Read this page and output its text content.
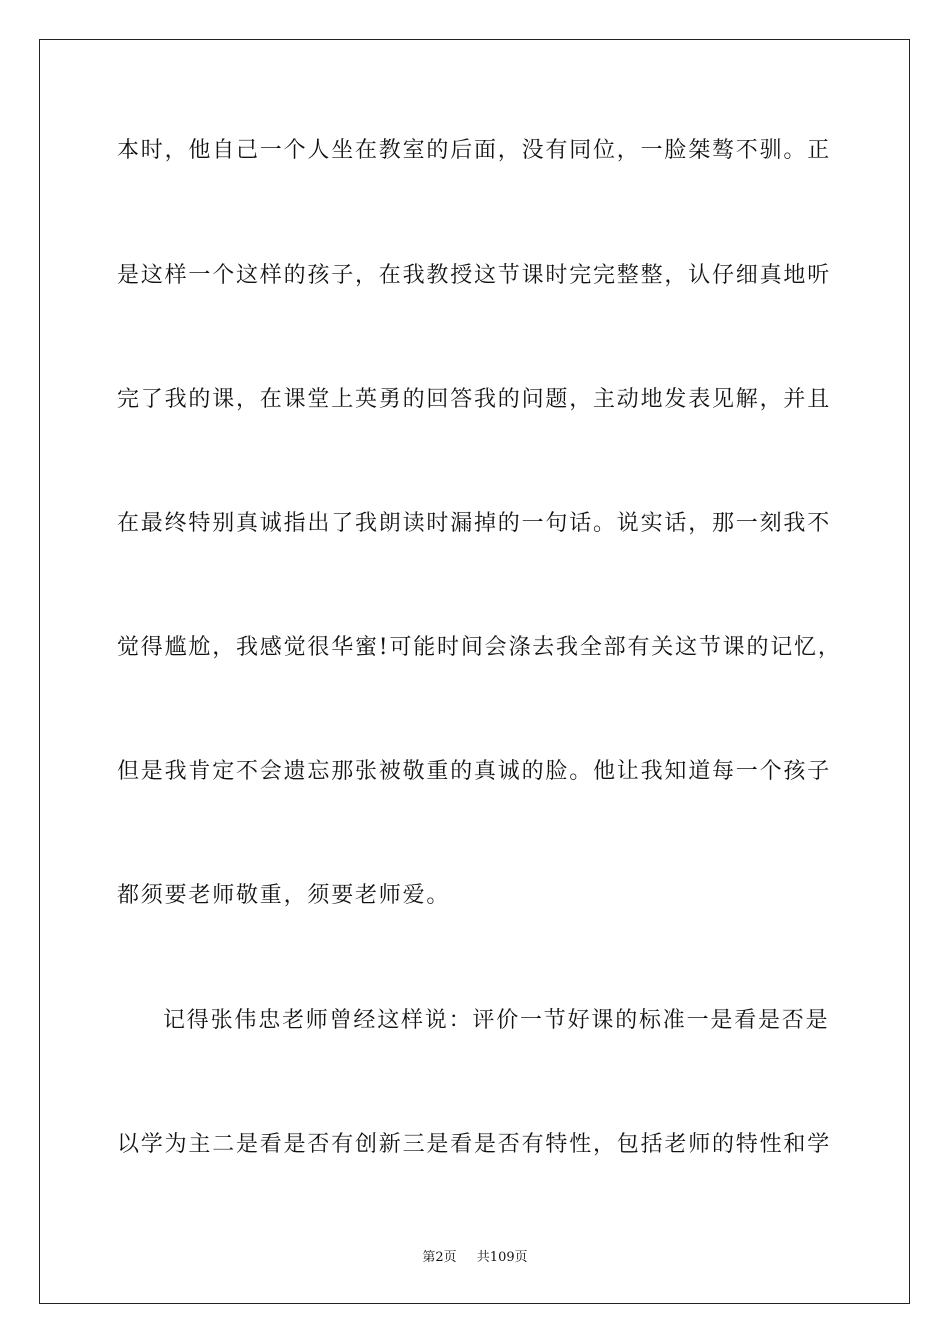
本时，他自己一个人坐在教室的后面，没有同位，一脸桀骜不驯。正
是这样一个这样的孩子，在我教授这节课时完完整整，认仔细真地听
完了我的课，在课堂上英勇的回答我的问题，主动地发表见解，并且
在最终特别真诚指出了我朗读时漏掉的一句话。说实话，那一刻我不
觉得尴尬，我感觉很华蜜!可能时间会涤去我全部有关这节课的记忆，
但是我肯定不会遗忘那张被敬重的真诚的脸。他让我知道每一个孩子
都须要老师敬重，须要老师爱。
记得张伟忠老师曾经这样说：评价一节好课的标准一是看是否是
以学为主二是看是否有创新三是看是否有特性，包括老师的特性和学
第2页 共109页
